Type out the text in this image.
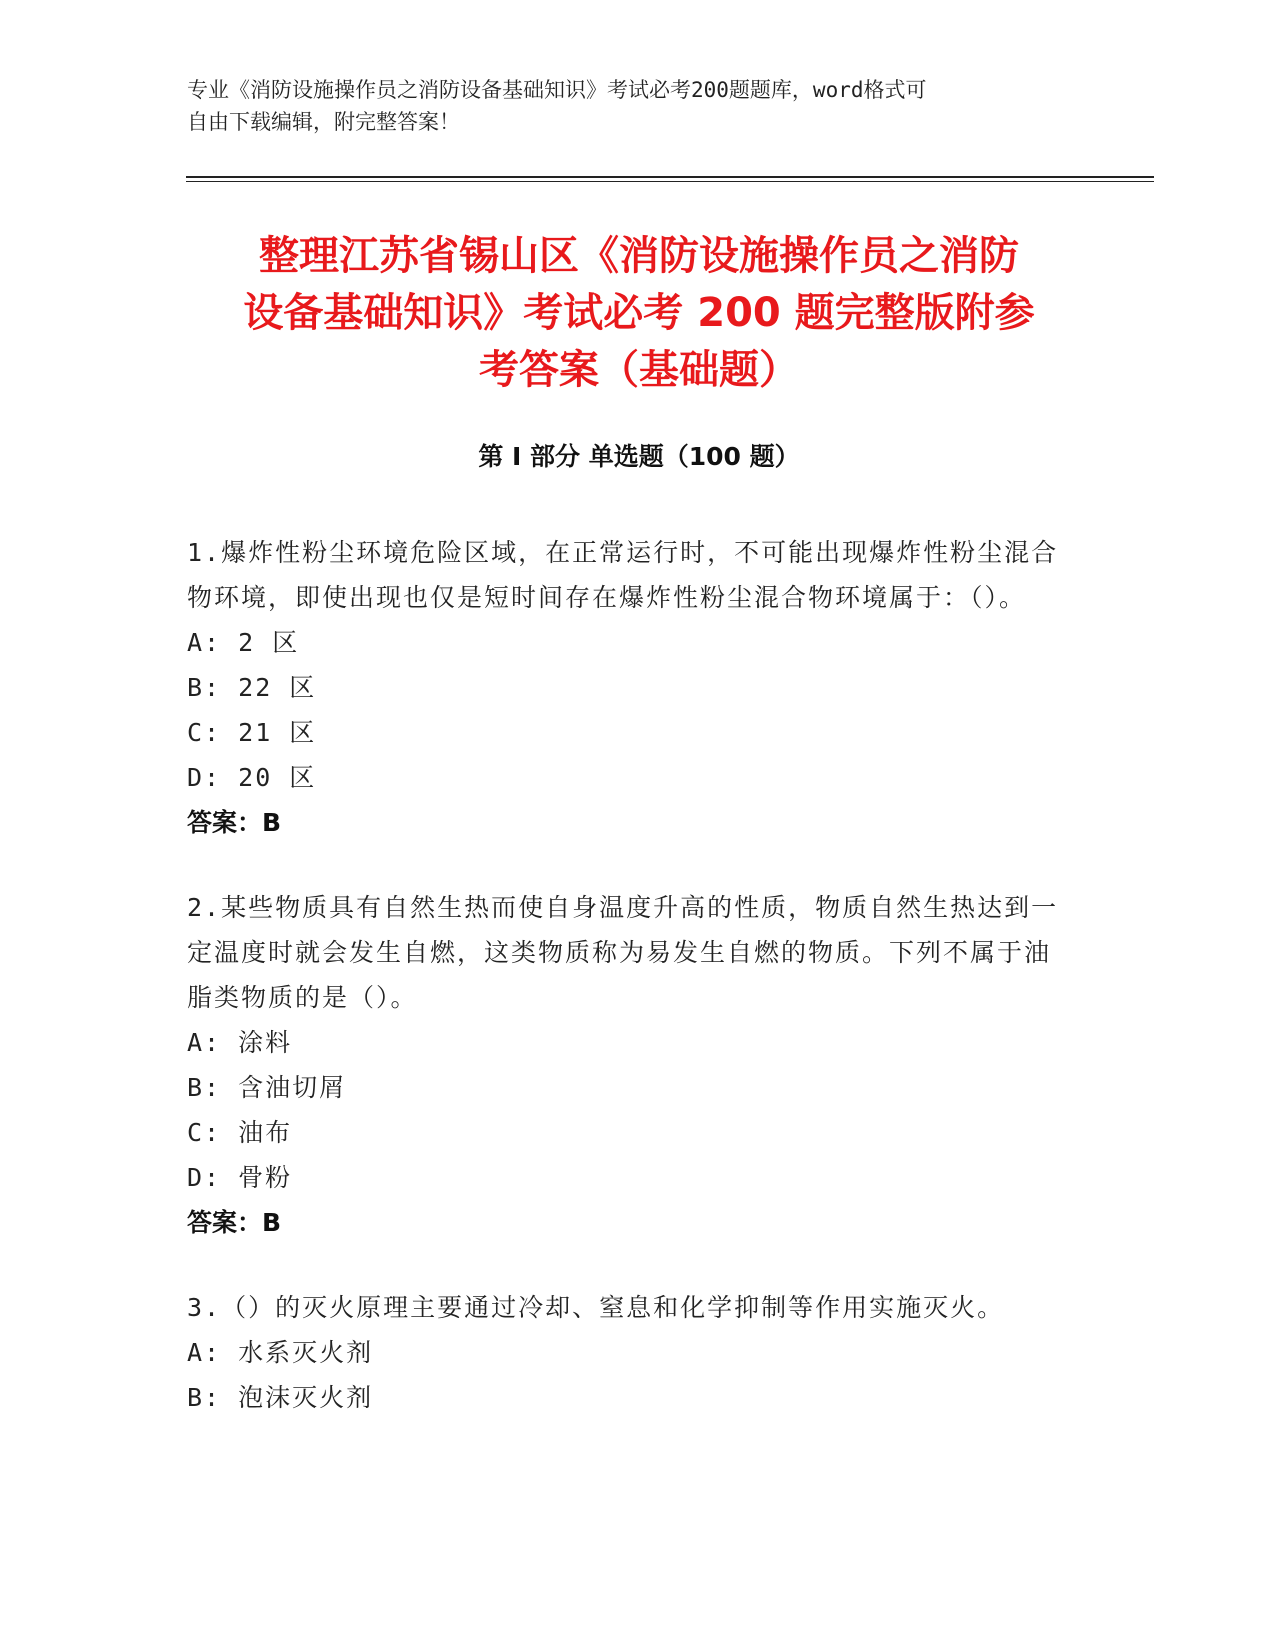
专业《消防设施操作员之消防设备基础知识》考试必考200题题库，word格式可
自由下载编辑，附完整答案！
整理江苏省锡山区《消防设施操作员之消防
设备基础知识》考试必考 200 题完整版附参
考答案（基础题）
第 I 部分 单选题（100 题）
1.爆炸性粉尘环境危险区域，在正常运行时，不可能出现爆炸性粉尘混合物环境，即使出现也仅是短时间存在爆炸性粉尘混合物环境属于：（）。
A: 2 区
B: 22 区
C: 21 区
D: 20 区
答案：B
2.某些物质具有自然生热而使自身温度升高的性质，物质自然生热达到一定温度时就会发生自燃，这类物质称为易发生自燃的物质。下列不属于油脂类物质的是（）。
A: 涂料
B: 含油切屑
C: 油布
D: 骨粉
答案：B
3.（）的灭火原理主要通过冷却、窒息和化学抑制等作用实施灭火。
A: 水系灭火剂
B: 泡沫灭火剂
